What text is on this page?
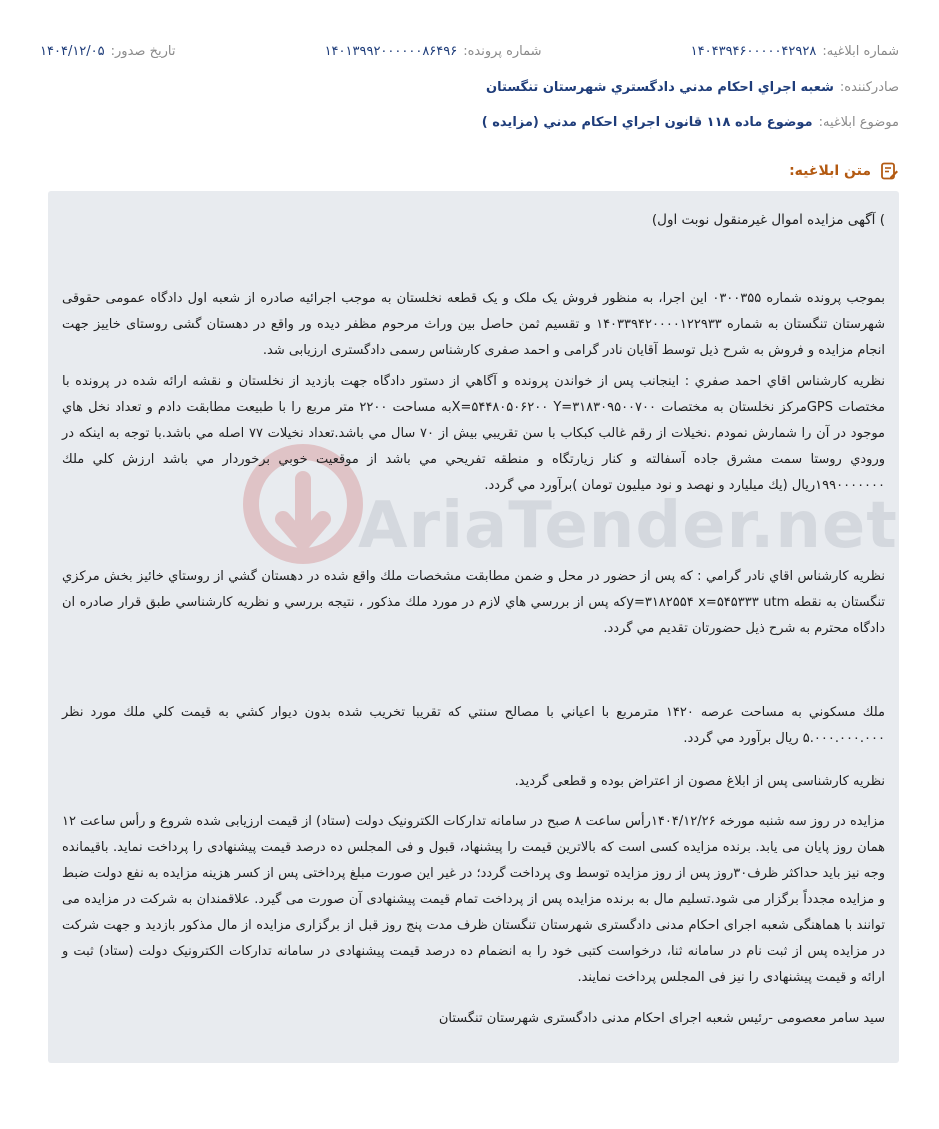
شماره ابلاغیه:
۱۴۰۴۳۹۴۶۰۰۰۰۰۴۲۹۲۸
شماره پرونده:
۱۴۰۱۳۹۹۲۰۰۰۰۰۰۸۶۴۹۶
تاریخ صدور:
۱۴۰۴/۱۲/۰۵
صادرکننده:
شعبه اجراي احكام مدني دادگستري شهرستان تنگستان
موضوع ابلاغیه:
موضوع ماده ۱۱۸ قانون اجراي احكام مدني (مزايده )
متن ابلاغیه:
AriaTender.net
) آگهی مزایده اموال غیرمنقول نوبت اول)
بموجب پرونده شماره ۰۳۰۰۳۵۵ این اجرا، به منظور فروش یک ملک و یک قطعه نخلستان به موجب اجرائیه صادره از شعبه اول دادگاه عمومی حقوقی شهرستان تنگستان به شماره ۱۴۰۳۳۹۴۲۰۰۰۰۱۲۲۹۳۳ و تقسیم ثمن حاصل بین وراث مرحوم مظفر دیده ور واقع در دهستان گشی روستای خاییز جهت انجام مزایده و فروش به شرح ذیل توسط آقایان نادر گرامی و احمد صفری کارشناس رسمی دادگستری ارزیابی شد.
نظريه كارشناس اقاي احمد صفري : اينجانب پس از خواندن پرونده و آگاهي از دستور دادگاه جهت بازديد از نخلستان و نقشه ارائه شده در پرونده با مختصات GPSمركز نخلستان به مختصات X=۵۴۴۸۰۵۰۶۲۰۰ Y=۳۱۸۳۰۹۵۰۰۷۰۰به مساحت ۲۲۰۰ متر مربع را با طبيعت مطابقت دادم و تعداد نخل هاي موجود در آن را شمارش نمودم .نخيلات از رقم غالب كبكاب با سن تقريبي بيش از ۷۰ سال مي باشد.تعداد نخيلات ۷۷ اصله مي باشد.با توجه به اينكه در ورودي روستا سمت مشرق جاده آسفالته و كنار زيارتگاه و منطقه تفريحي مي باشد از موقعيت خوبي برخوردار مي باشد ارزش كلي ملك ۱۹۹۰۰۰۰۰۰۰ريال (يك ميليارد و نهصد و نود ميليون تومان )برآورد مي گردد.
نظريه كارشناس اقاي نادر گرامي : كه پس از حضور در محل و ضمن مطابقت مشخصات ملك واقع شده در دهستان گشي از روستاي خائيز بخش مركزي تنگستان به نقطه y=۳۱۸۲۵۵۴ x=۵۴۵۳۳۳ utmكه پس از بررسي هاي لازم در مورد ملك مذكور ، نتيجه بررسي و نظريه كارشناسي طبق قرار صادره ان دادگاه محترم به شرح ذيل حضورتان تقديم مي گردد.
ملك مسكوني به مساحت عرصه ۱۴۲۰ مترمربع با اعياني با مصالح سنتي كه تقريبا تخريب شده بدون ديوار كشي به قيمت كلي ملك مورد نظر ۵.۰۰۰.۰۰۰.۰۰۰ ريال برآورد مي گردد.
نظریه کارشناسی پس از ابلاغ مصون از اعتراض بوده و قطعی گردید.
مزایده در روز سه شنبه مورخه ۱۴۰۴/۱۲/۲۶رأس ساعت ۸ صبح در سامانه تدارکات الکترونیک دولت (ستاد) از قیمت ارزیابی شده شروع و رأس ساعت ۱۲ همان روز پایان می یابد. برنده مزایده کسی است که بالاترین قیمت را پیشنهاد، قبول و فی المجلس ده درصد قیمت پیشنهادی را پرداخت نماید. باقیمانده وجه نیز باید حداکثر ظرف۳۰روز پس از روز مزایده توسط وی پرداخت گردد؛ در غیر این صورت مبلغ پرداختی پس از کسر هزینه مزایده به نفع دولت ضبط و مزایده مجدداً برگزار می شود.تسلیم مال به برنده مزایده پس از پرداخت تمام قیمت پیشنهادی آن صورت می گیرد. علاقمندان به شرکت در مزایده می توانند با هماهنگی شعبه اجرای احکام مدنی دادگستری شهرستان تنگستان ظرف مدت پنج روز قبل از برگزاری مزایده از مال مذکور بازدید و جهت شرکت در مزایده پس از ثبت نام در سامانه ثنا، درخواست کتبی خود را به انضمام ده درصد قیمت پیشنهادی در سامانه تدارکات الکترونیک دولت (ستاد) ثبت و ارائه و قیمت پیشنهادی را نیز فی المجلس پرداخت نمایند.
سید سامر معصومی -رئیس شعبه اجرای احکام مدنی دادگستری شهرستان تنگستان
